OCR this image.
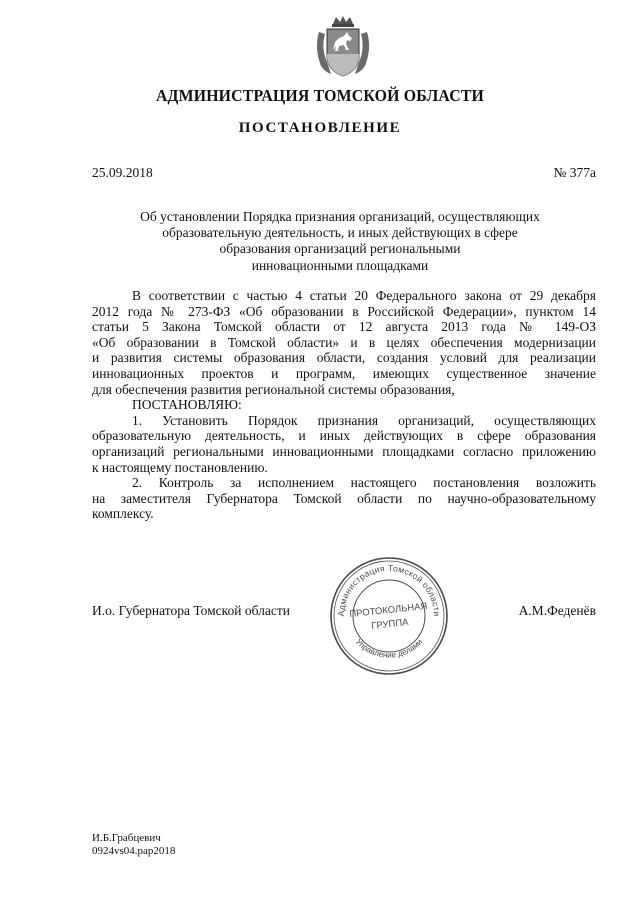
АДМИНИСТРАЦИЯ ТОМСКОЙ ОБЛАСТИ
ПОСТАНОВЛЕНИЕ
25.09.2018	№ 377а
Об установлении Порядка признания организаций, осуществляющих
образовательную деятельность, и иных действующих в сфере
образования организаций региональными
инновационными площадками
В соответствии с частью 4 статьи 20 Федерального закона от 29 декабря
2012 года № 273-ФЗ «Об образовании в Российской Федерации», пунктом 14
статьи 5 Закона Томской области от 12 августа 2013 года № 149-ОЗ
«Об образовании в Томской области» и в целях обеспечения модернизации
и развития системы образования области, создания условий для реализации
инновационных проектов и программ, имеющих существенное значение
для обеспечения развития региональной системы образования,
ПОСТАНОВЛЯЮ:
1. Установить Порядок признания организаций, осуществляющих
образовательную деятельность, и иных действующих в сфере образования
организаций региональными инновационными площадками согласно приложению
к настоящему постановлению.
2. Контроль за исполнением настоящего постановления возложить
на заместителя Губернатора Томской области по научно-образовательному
комплексу.
И.о. Губернатора Томской области	А.М.Феденёв
Администрация Томской области
Управление делами
ПРОТОКОЛЬНАЯ
ГРУППА
И.Б.Грабцевич
0924vs04.pap2018
